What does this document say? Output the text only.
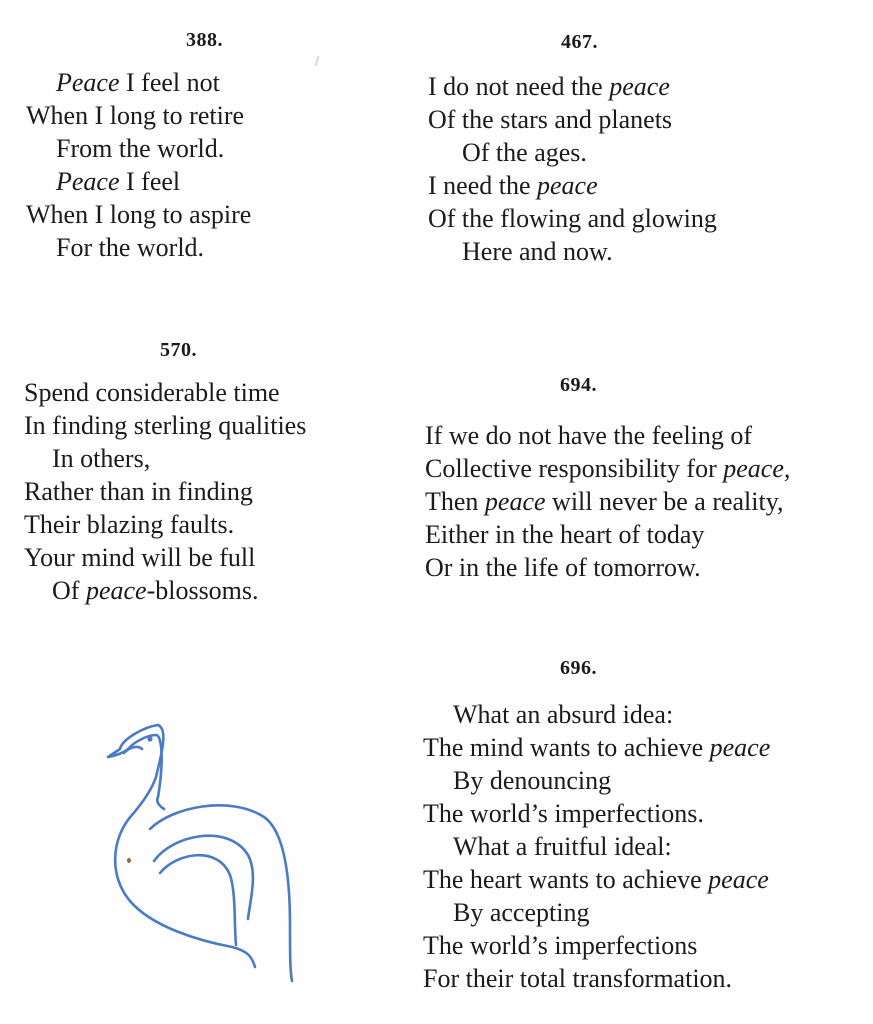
388.
Peace I feel not
When I long to retire
From the world.
Peace I feel
When I long to aspire
For the world.
467.
I do not need the peace
Of the stars and planets
Of the ages.
I need the peace
Of the flowing and glowing
Here and now.
570.
Spend considerable time
In finding sterling qualities
In others,
Rather than in finding
Their blazing faults.
Your mind will be full
Of peace-blossoms.
694.
If we do not have the feeling of
Collective responsibility for peace,
Then peace will never be a reality,
Either in the heart of today
Or in the life of tomorrow.
696.
What an absurd idea:
The mind wants to achieve peace
By denouncing
The world’s imperfections.
What a fruitful ideal:
The heart wants to achieve peace
By accepting
The world’s imperfections
For their total transformation.
